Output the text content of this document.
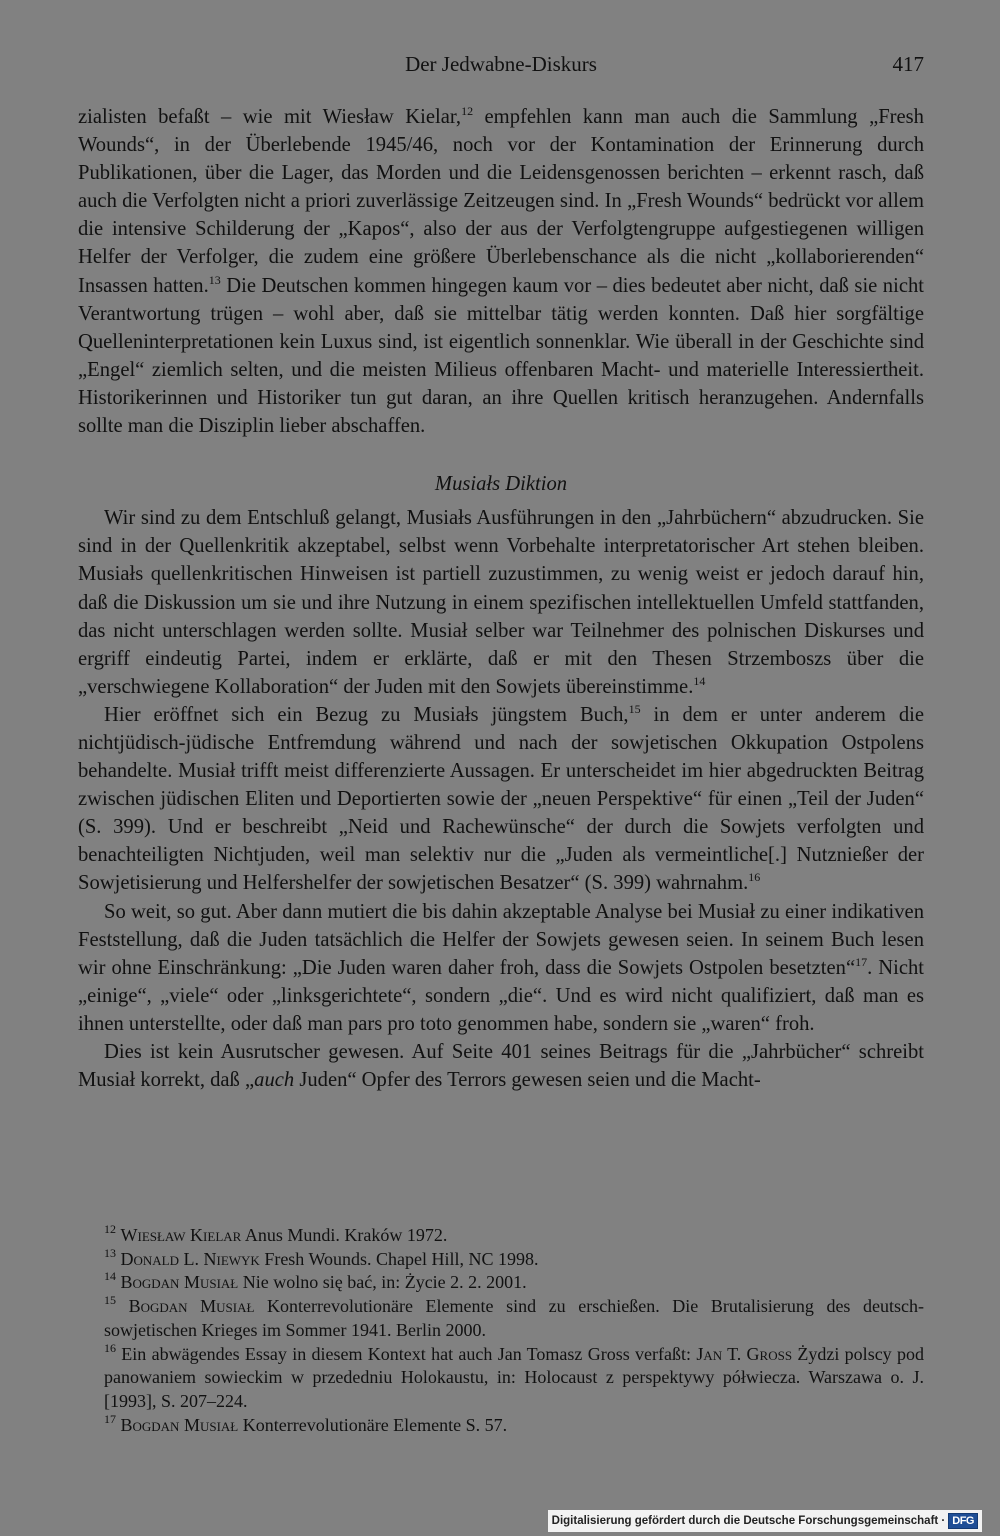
Der Jedwabne-Diskurs	417

zialisten befaßt – wie mit Wiesław Kielar,$^{12}$ empfehlen kann man auch die Sammlung „Fresh Wounds“, in der Überlebende 1945/46, noch vor der Kontamination der Erinnerung durch Publikationen, über die Lager, das Morden und die Leidensgenossen berichten – erkennt rasch, daß auch die Verfolgten nicht a priori zuverlässige Zeitzeugen sind. In „Fresh Wounds“ bedrückt vor allem die intensive Schilderung der „Kapos“, also der aus der Verfolgtengruppe aufgestiegenen willigen Helfer der Verfolger, die zudem eine größere Überlebenschance als die nicht „kollaborierenden“ Insassen hatten.$^{13}$ Die Deutschen kommen hingegen kaum vor – dies bedeutet aber nicht, daß sie nicht Verantwortung trügen – wohl aber, daß sie mittelbar tätig werden konnten. Daß hier sorgfältige Quelleninterpretationen kein Luxus sind, ist eigentlich sonnenklar. Wie überall in der Geschichte sind „Engel“ ziemlich selten, und die meisten Milieus offenbaren Macht- und materielle Interessiertheit. Historikerinnen und Historiker tun gut daran, an ihre Quellen kritisch heranzugehen. Andernfalls sollte man die Disziplin lieber abschaffen.

Musiałs Diktion

Wir sind zu dem Entschluß gelangt, Musiałs Ausführungen in den „Jahrbüchern“ abzudrucken. Sie sind in der Quellenkritik akzeptabel, selbst wenn Vorbehalte interpretatorischer Art stehen bleiben. Musiałs quellenkritischen Hinweisen ist partiell zuzustimmen, zu wenig weist er jedoch darauf hin, daß die Diskussion um sie und ihre Nutzung in einem spezifischen intellektuellen Umfeld stattfanden, das nicht unterschlagen werden sollte. Musiał selber war Teilnehmer des polnischen Diskurses und ergriff eindeutig Partei, indem er erklärte, daß er mit den Thesen Strzemboszs über die „verschwiegene Kollaboration“ der Juden mit den Sowjets übereinstimme.$^{14}$

Hier eröffnet sich ein Bezug zu Musiałs jüngstem Buch,$^{15}$ in dem er unter anderem die nichtjüdisch-jüdische Entfremdung während und nach der sowjetischen Okkupation Ostpolens behandelte. Musiał trifft meist differenzierte Aussagen. Er unterscheidet im hier abgedruckten Beitrag zwischen jüdischen Eliten und Deportierten sowie der „neuen Perspektive“ für einen „Teil der Juden“ (S. 399). Und er beschreibt „Neid und Rachewünsche“ der durch die Sowjets verfolgten und benachteiligten Nichtjuden, weil man selektiv nur die „Juden als vermeintliche[.] Nutznießer der Sowjetisierung und Helfershelfer der sowjetischen Besatzer“ (S. 399) wahrnahm.$^{16}$

So weit, so gut. Aber dann mutiert die bis dahin akzeptable Analyse bei Musiał zu einer indikativen Feststellung, daß die Juden tatsächlich die Helfer der Sowjets gewesen seien. In seinem Buch lesen wir ohne Einschränkung: „Die Juden waren daher froh, dass die Sowjets Ostpolen besetzten“$^{17}$. Nicht „einige“, „viele“ oder „linksgerichtete“, sondern „die“. Und es wird nicht qualifiziert, daß man es ihnen unterstellte, oder daß man pars pro toto genommen habe, sondern sie „waren“ froh.

Dies ist kein Ausrutscher gewesen. Auf Seite 401 seines Beitrags für die „Jahrbücher“ schreibt Musiał korrekt, daß „auch Juden“ Opfer des Terrors gewesen seien und die Macht-

$^{12}$ Wiesław Kielar Anus Mundi. Kraków 1972.

$^{13}$ Donald L. Niewyk Fresh Wounds. Chapel Hill, NC 1998.

$^{14}$ Bogdan Musiał Nie wolno się bać, in: Życie 2. 2. 2001.

$^{15}$ Bogdan Musiał Konterrevolutionäre Elemente sind zu erschießen. Die Brutalisierung des deutsch-sowjetischen Krieges im Sommer 1941. Berlin 2000.

$^{16}$ Ein abwägendes Essay in diesem Kontext hat auch Jan Tomasz Gross verfaßt: Jan T. Gross Żydzi polscy pod panowaniem sowieckim w przededniu Holokaustu, in: Holocaust z perspektywy półwiecza. Warszawa o. J. [1993], S. 207–224.

$^{17}$ Bogdan Musiał Konterrevolutionäre Elemente S. 57.

Digitalisierung gefördert durch die Deutsche Forschungsgemeinschaft · DFG
